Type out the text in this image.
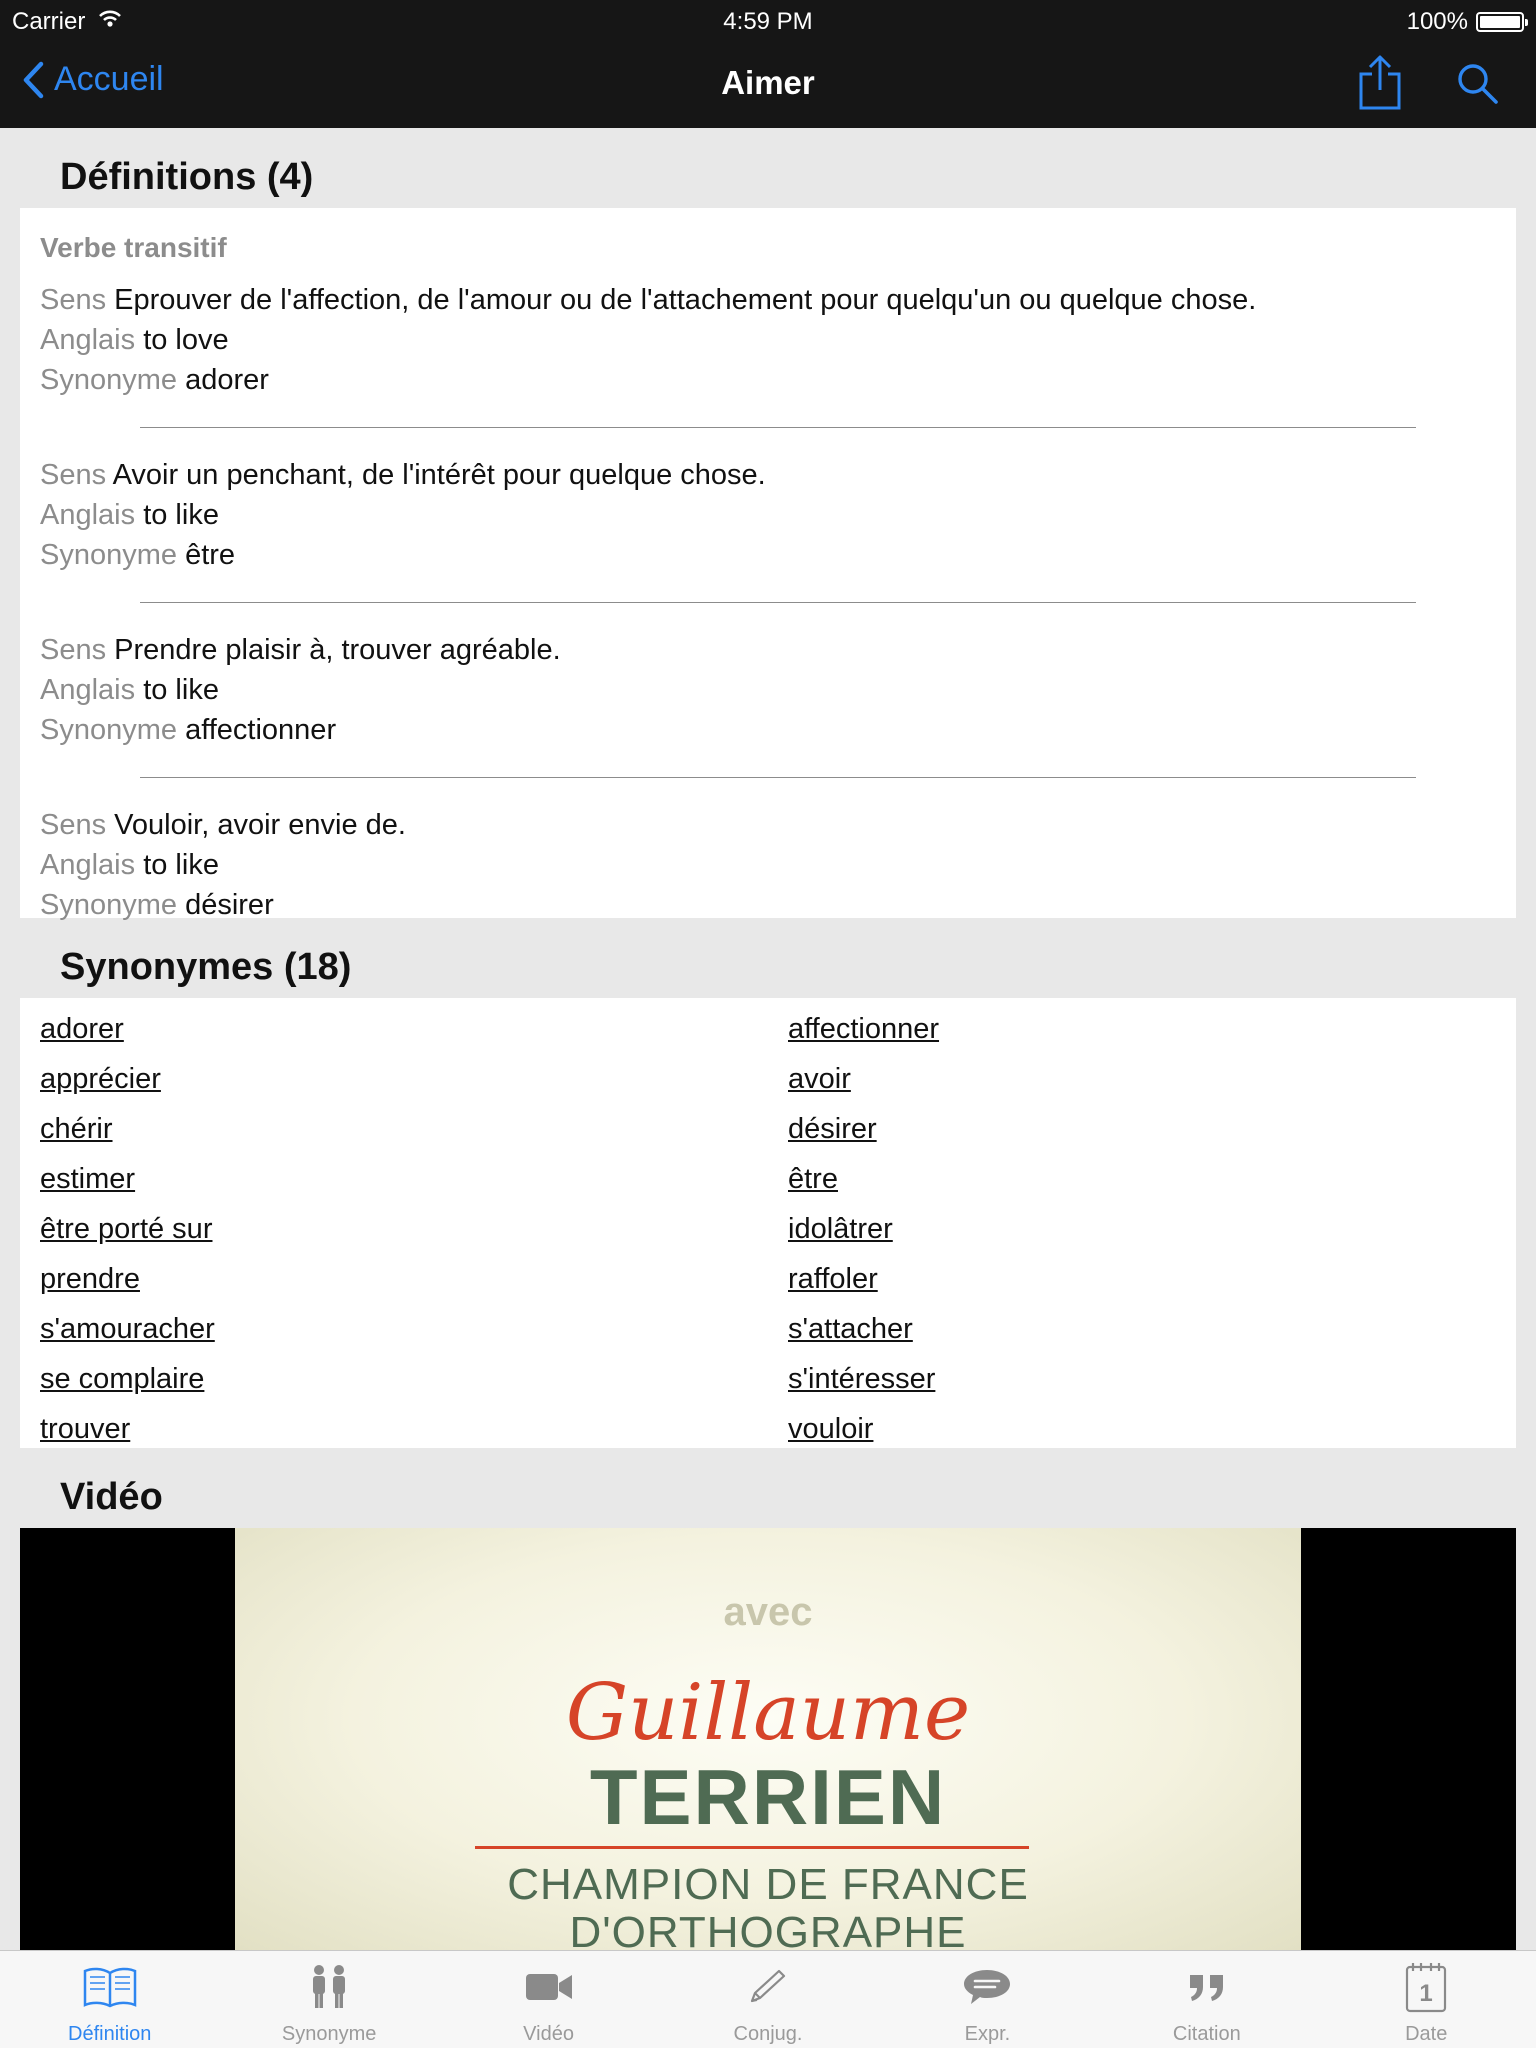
Carrier	4:59 PM	100%
Accueil	Aimer
Définitions (4)
Verbe transitif
Sens Eprouver de l'affection, de l'amour ou de l'attachement pour quelqu'un ou quelque chose.
Anglais to love
Synonyme adorer
Sens Avoir un penchant, de l'intérêt pour quelque chose.
Anglais to like
Synonyme être
Sens Prendre plaisir à, trouver agréable.
Anglais to like
Synonyme affectionner
Sens Vouloir, avoir envie de.
Anglais to like
Synonyme désirer
Synonymes (18)
adorer	affectionner
apprécier	avoir
chérir	désirer
estimer	être
être porté sur	idolâtrer
prendre	raffoler
s'amouracher	s'attacher
se complaire	s'intéresser
trouver	vouloir
Vidéo
avec
Guillaume
TERRIEN
CHAMPION DE FRANCE
D'ORTHOGRAPHE
Définition	Synonyme	Vidéo	Conjug.	Expr.	Citation
1
Date
